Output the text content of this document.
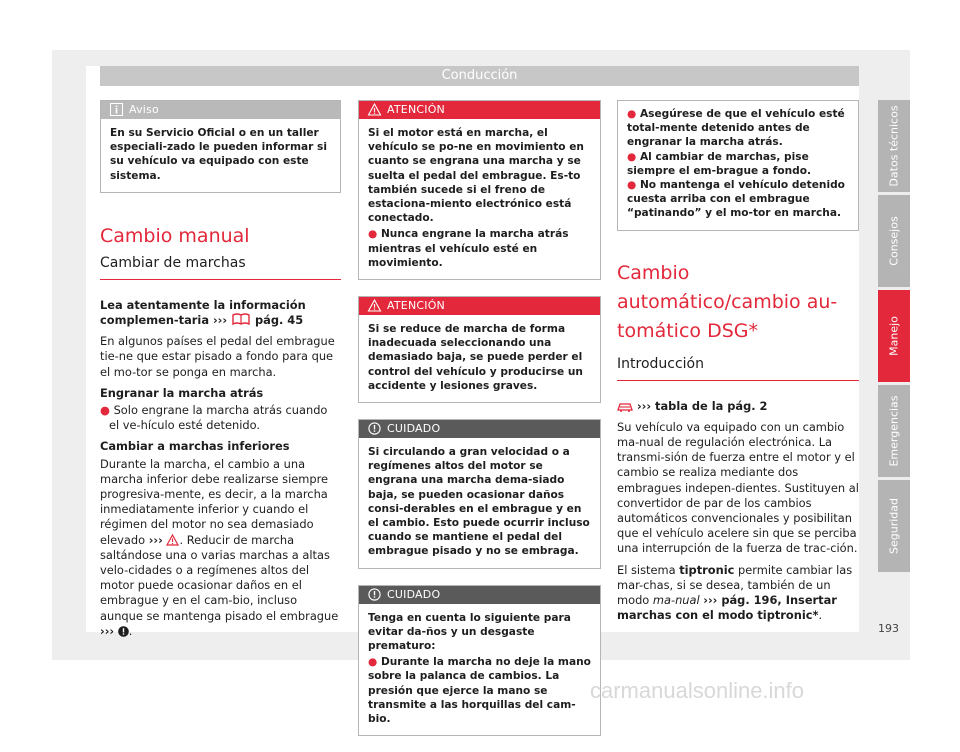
Conducción
Aviso
En su Servicio Oficial o en un taller especiali-zado le pueden informar si su vehículo va equipado con este sistema.
Cambio manual
Cambiar de marchas

Lea atentamente la información complemen-taria ››› pág. 45

En algunos países el pedal del embrague tie-ne que estar pisado a fondo para que el mo-tor se ponga en marcha.

Engranar la marcha atrás

● Solo engrane la marcha atrás cuando el ve-hículo esté detenido.

Cambiar a marchas inferiores

Durante la marcha, el cambio a una marcha inferior debe realizarse siempre progresiva-mente, es decir, a la marcha inmediatamente inferior y cuando el régimen del motor no sea demasiado elevado ››› . Reducir de marcha saltándose una o varias marchas a altas velo-cidades o a regímenes altos del motor puede ocasionar daños en el embrague y en el cam-bio, incluso aunque se mantenga pisado el embrague ››› .

ATENCIÓN
Si el motor está en marcha, el vehículo se po-ne en movimiento en cuanto se engrana una marcha y se suelta el pedal del embrague. Es-to también sucede si el freno de estaciona-miento electrónico está conectado.
● Nunca engrane la marcha atrás mientras el vehículo esté en movimiento.
ATENCIÓN
Si se reduce de marcha de forma inadecuada seleccionando una demasiado baja, se puede perder el control del vehículo y producirse un accidente y lesiones graves.
CUIDADO
Si circulando a gran velocidad o a regímenes altos del motor se engrana una marcha dema-siado baja, se pueden ocasionar daños consi-derables en el embrague y en el cambio. Esto puede ocurrir incluso cuando se mantiene el pedal del embrague pisado y no se embraga.
CUIDADO
Tenga en cuenta lo siguiente para evitar da-ños y un desgaste prematuro:
● Durante la marcha no deje la mano sobre la palanca de cambios. La presión que ejerce la mano se transmite a las horquillas del cam-bio.
● Asegúrese de que el vehículo esté total-mente detenido antes de engranar la marcha atrás.
● Al cambiar de marchas, pise siempre el em-brague a fondo.
● No mantenga el vehículo detenido cuesta arriba con el embrague “patinando” y el mo-tor en marcha.
Cambio automático/cambio au-tomático DSG*
Introducción

››› tabla de la pág. 2

Su vehículo va equipado con un cambio ma-nual de regulación electrónica. La transmi-sión de fuerza entre el motor y el cambio se realiza mediante dos embragues indepen-dientes. Sustituyen al convertidor de par de los cambios automáticos convencionales y posibilitan que el vehículo acelere sin que se perciba una interrupción de la fuerza de trac-ción.

El sistema tiptronic permite cambiar las mar-chas, si se desea, también de un modo ma-nual ››› pág. 196, Insertar marchas con el modo tiptronic*.

Datos técnicos
Consejos
Manejo
Emergencias
Seguridad
193
carmanualsonline.info
